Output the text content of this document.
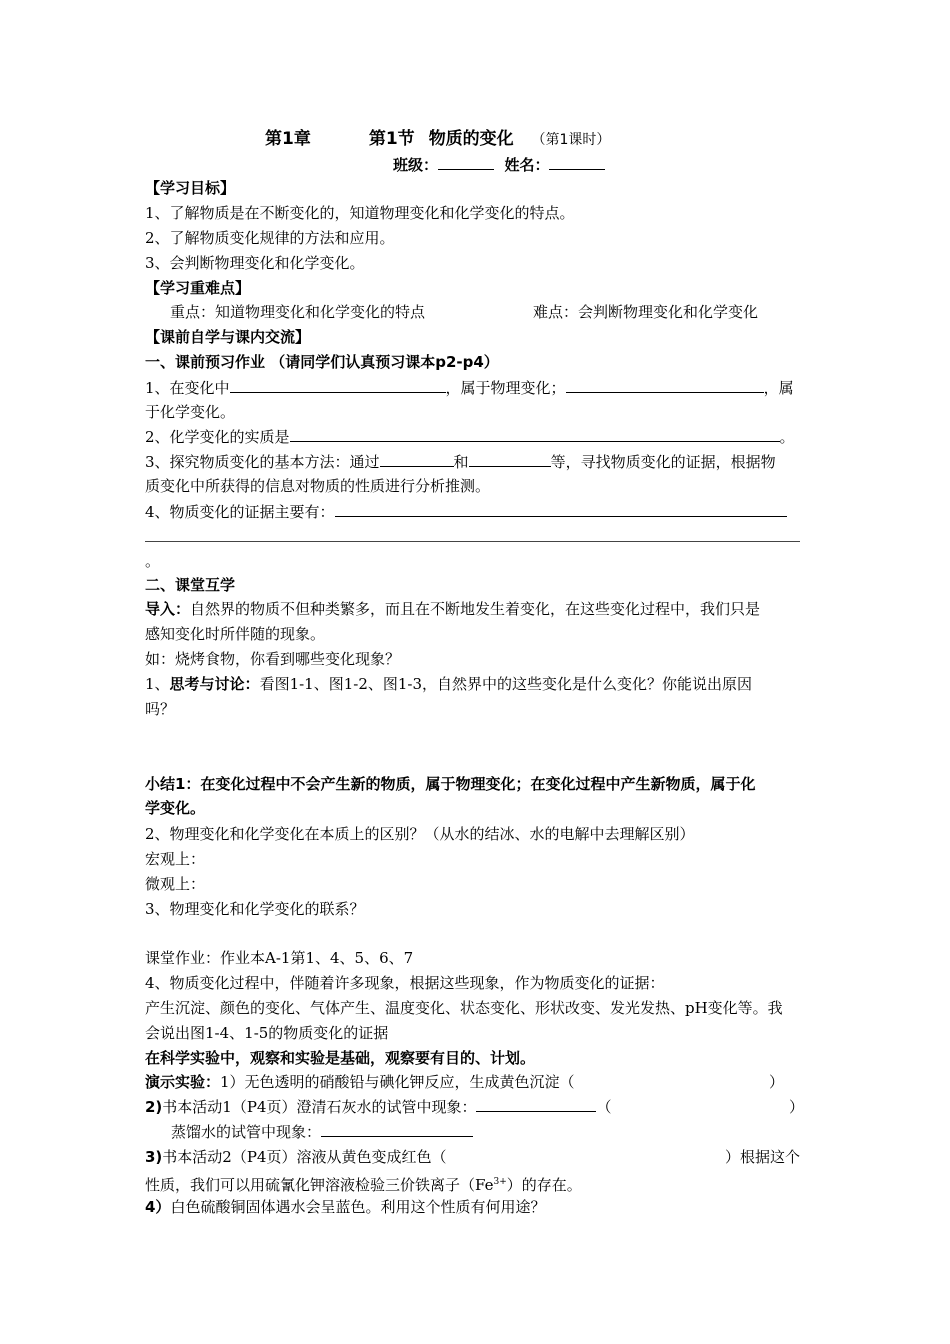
第1章	第1节 物质的变化 （第1课时）
班级：	姓名：
【学习目标】
1、了解物质是在不断变化的，知道物理变化和化学变化的特点。
2、了解物质变化规律的方法和应用。
3、会判断物理变化和化学变化。
【学习重难点】
重点：知道物理变化和化学变化的特点	难点：会判断物理变化和化学变化
【课前自学与课内交流】
一、课前预习作业 （请同学们认真预习课本p2-p4）
1、在变化中	，属于物理变化；	，属
于化学变化。
2、化学变化的实质是	。
3、探究物质变化的基本方法：通过	和	等，寻找物质变化的证据，根据物
质变化中所获得的信息对物质的性质进行分析推测。
4、物质变化的证据主要有：
。
二、课堂互学
导入：自然界的物质不但种类繁多，而且在不断地发生着变化，在这些变化过程中，我们只是
感知变化时所伴随的现象。
如：烧烤食物，你看到哪些变化现象？
1、思考与讨论：看图1-1、图1-2、图1-3，自然界中的这些变化是什么变化？你能说出原因
吗？
小结1：在变化过程中不会产生新的物质，属于物理变化；在变化过程中产生新物质，属于化
学变化。
2、物理变化和化学变化在本质上的区别？（从水的结冰、水的电解中去理解区别）
宏观上：
微观上：
3、物理变化和化学变化的联系？
课堂作业：作业本A-1第1、4、5、6、7
4、物质变化过程中，伴随着许多现象，根据这些现象，作为物质变化的证据：
产生沉淀、颜色的变化、气体产生、温度变化、状态变化、形状改变、发光发热、pH变化等。我
会说出图1-4、1-5的物质变化的证据
在科学实验中，观察和实验是基础，观察要有目的、计划。
演示实验：1）无色透明的硝酸铅与碘化钾反应，生成黄色沉淀（	）
2)书本活动1（P4页）澄清石灰水的试管中现象：	（	）
蒸馏水的试管中现象：
3)书本活动2（P4页）溶液从黄色变成红色（	）根据这个
性质，我们可以用硫氰化钾溶液检验三价铁离子$(Fe^{3+})$的存在。
4）白色硫酸铜固体遇水会呈蓝色。利用这个性质有何用途？
